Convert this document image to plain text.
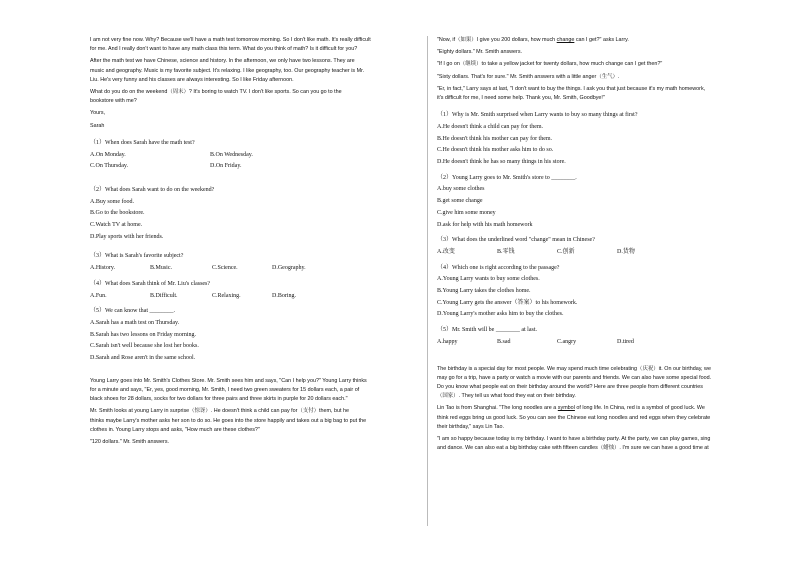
I am not very fine now. Why? Because we'll have a math test tomorrow morning. So I don't like math. It's really difficult
for me. And I really don't want to have any math class this term. What do you think of math? Is it difficult for you?
After the math test we have Chinese, science and history. In the afternoon, we only have two lessons. They are
music and geography. Music is my favorite subject. It's relaxing. I like geography, too. Our geography teacher is Mr.
Liu. He's very funny and his classes are always interesting. So I like Friday afternoon.
What do you do on the weekend（周末）? It's boring to watch TV. I don't like sports. So can you go to the
bookstore with me?
Yours,
Sarah
（1）When does Sarah have the math test?
A.On Monday.	B.On Wednesday.
C.On Thursday.	D.On Friday.
（2）What does Sarah want to do on the weekend?
A.Buy some food.
B.Go to the bookstore.
C.Watch TV at home.
D.Play sports with her friends.
（3）What is Sarah's favorite subject?
A.History.	B.Music.	C.Science.	D.Geography.
（4）What does Sarah think of Mr. Liu's classes?
A.Fun.	B.Difficult.	C.Relaxing.	D.Boring.
（5）We can know that ________.
A.Sarah has a math test on Thursday.
B.Sarah has two lessons on Friday morning.
C.Sarah isn't well because she lost her books.
D.Sarah and Rose aren't in the same school.
Young Larry goes into Mr. Smith's Clothes Store. Mr. Smith sees him and says, "Can I help you?" Young Larry thinks
for a minute and says, "Er, yes, good morning, Mr. Smith, I need two green sweaters for 15 dollars each, a pair of
black shoes for 28 dollars, socks for two dollars for three pairs and three skirts in purple for 20 dollars each."
Mr. Smith looks at young Larry in surprise（惊讶）. He doesn't think a child can pay for（支付）them, but he
thinks maybe Larry's mother asks her son to do so. He goes into the store happily and takes out a big bag to put the
clothes in. Young Larry stops and asks, "How much are these clothes?"
"120 dollars." Mr. Smith answers.
"Now, if（如果）I give you 200 dollars, how much change can I get?" asks Larry.
"Eighty dollars." Mr. Smith answers.
"If I go on（继续）to take a yellow jacket for twenty dollars, how much change can I get then?"
"Sixty dollars. That's for sure." Mr. Smith answers with a little anger（生气）.
"Er, in fact," Larry says at last, "I don't want to buy the things. I ask you that just because it's my math homework,
it's difficult for me, I need some help. Thank you, Mr. Smith, Goodbye!"
（1）Why is Mr. Smith surprised when Larry wants to buy so many things at first?
A.He doesn't think a child can pay for them.
B.He doesn't think his mother can pay for them.
C.He doesn't think his mother asks him to do so.
D.He doesn't think he has so many things in his store.
（2）Young Larry goes to Mr. Smith's store to ________.
A.buy some clothes
B.get some change
C.give him some money
D.ask for help with his math homework
（3）What does the underlined word "change" mean in Chinese?
A.改变	B.零钱	C.创新	D.货物
（4）Which one is right according to the passage?
A.Young Larry wants to buy some clothes.
B.Young Larry takes the clothes home.
C.Young Larry gets the answer（答案）to his homework.
D.Young Larry's mother asks him to buy the clothes.
（5）Mr. Smith will be ________ at last.
A.happy	B.sad	C.angry	D.tired
The birthday is a special day for most people. We may spend much time celebrating（庆祝）it. On our birthday, we
may go for a trip, have a party or watch a movie with our parents and friends. We can also have some special food.
Do you know what people eat on their birthday around the world? Here are three people from different countries
（国家）. They tell us what food they eat on their birthday.
Lin Tao is from Shanghai. "The long noodles are a symbol of long life. In China, red is a symbol of good luck. We
think red eggs bring us good luck. So you can see the Chinese eat long noodles and red eggs when they celebrate
their birthday," says Lin Tao.
"I am so happy because today is my birthday. I want to have a birthday party. At the party, we can play games, sing
and dance. We can also eat a big birthday cake with fifteen candles（蜡烛）. I'm sure we can have a good time at
